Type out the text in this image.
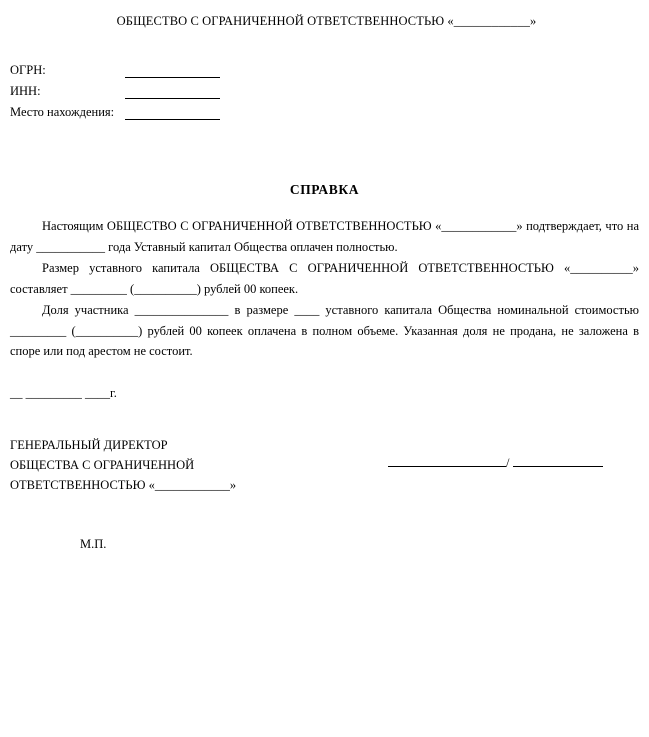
ОБЩЕСТВО С ОГРАНИЧЕННОЙ ОТВЕТСТВЕННОСТЬЮ «____________»
ОГРН:
ИНН:
Место нахождения:
СПРАВКА

Настоящим ОБЩЕСТВО С ОГРАНИЧЕННОЙ ОТВЕТСТВЕННОСТЬЮ «____________» подтверждает, что на дату ___________ года Уставный капитал Общества оплачен полностью.

Размер уставного капитала ОБЩЕСТВА С ОГРАНИЧЕННОЙ ОТВЕТСТВЕННОСТЬЮ «__________» составляет _________ (__________) рублей 00 копеек.

Доля участника _______________ в размере ____ уставного капитала Общества номинальной стоимостью _________ (__________) рублей 00 копеек оплачена в полном объеме. Указанная доля не продана, не заложена в споре или под арестом не состоит.

__ _________ ____г.
ГЕНЕРАЛЬНЫЙ ДИРЕКТОР
ОБЩЕСТВА С ОГРАНИЧЕННОЙ
ОТВЕТСТВЕННОСТЬЮ «____________»
/
М.П.
